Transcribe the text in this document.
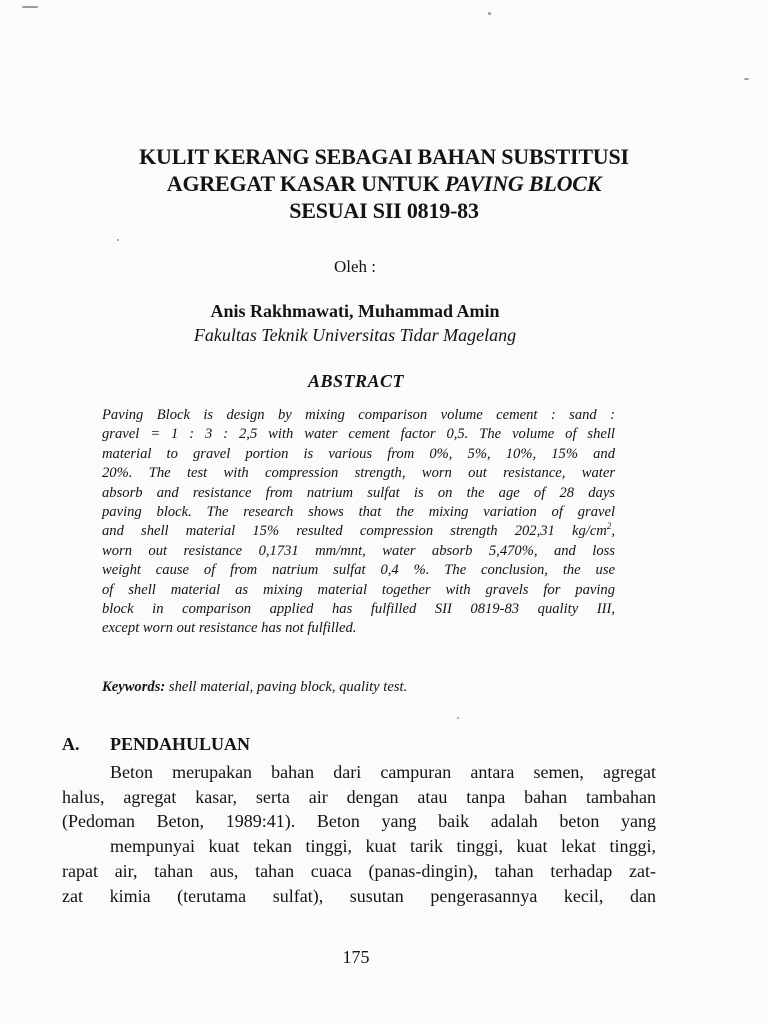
KULIT KERANG SEBAGAI BAHAN SUBSTITUSI
AGREGAT KASAR UNTUK PAVING BLOCK
SESUAI SII 0819-83
Oleh :
Anis Rakhmawati, Muhammad Amin
Fakultas Teknik Universitas Tidar Magelang
ABSTRACT
Paving Block is design by mixing comparison volume cement : sand :
gravel = 1 : 3 : 2,5 with water cement factor 0,5. The volume of shell
material to gravel portion is various from 0%, 5%, 10%, 15% and
20%. The test with compression strength, worn out resistance, water
absorb and resistance from natrium sulfat is on the age of 28 days
paving block. The research shows that the mixing variation of gravel
and shell material 15% resulted compression strength 202,31 $kg/cm^2$,
worn out resistance 0,1731 mm/mnt, water absorb 5,470%, and loss
weight cause of from natrium sulfat 0,4 %. The conclusion, the use
of shell material as mixing material together with gravels for paving
block in comparison applied has fulfilled SII 0819-83 quality III,
except worn out resistance has not fulfilled.
Keywords: shell material, paving block, quality test.
A. PENDAHULUAN
Beton merupakan bahan dari campuran antara semen, agregat
halus, agregat kasar, serta air dengan atau tanpa bahan tambahan
(Pedoman Beton, 1989:41). Beton yang baik adalah beton yang
mempunyai kuat tekan tinggi, kuat tarik tinggi, kuat lekat tinggi,
rapat air, tahan aus, tahan cuaca (panas-dingin), tahan terhadap zat-
zat kimia (terutama sulfat), susutan pengerasannya kecil, dan
175
